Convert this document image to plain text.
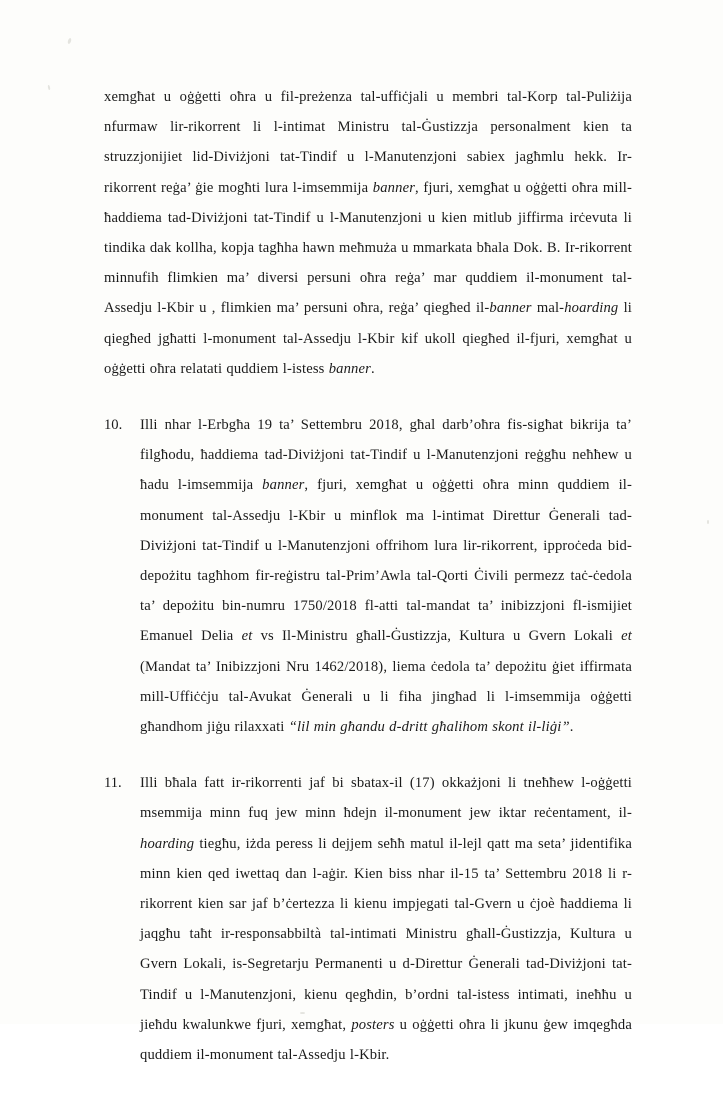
xemgħat u oġġetti oħra u fil-preżenza tal-uffiċjali u membri tal-Korp tal-Puliżija nfurmaw lir-rikorrent li l-intimat Ministru tal-Ġustizzja personalment kien ta struzzjonijiet lid-Diviżjoni tat-Tindif u l-Manutenzjoni sabiex jagħmlu hekk. Ir-rikorrent reġa’ ġie mogħti lura l-imsemmija banner, fjuri, xemgħat u oġġetti oħra mill-ħaddiema tad-Diviżjoni tat-Tindif u l-Manutenzjoni u kien mitlub jiffirma irċevuta li tindika dak kollha, kopja tagħha hawn meħmuża u mmarkata bħala Dok. B. Ir-rikorrent minnufih flimkien ma’ diversi persuni oħra reġa’ mar quddiem il-monument tal-Assedju l-Kbir u , flimkien ma’ persuni oħra, reġa’ qiegħed il-banner mal-hoarding li qiegħed jgħatti l-monument tal-Assedju l-Kbir kif ukoll qiegħed il-fjuri, xemgħat u oġġetti oħra relatati quddiem l-istess banner.

10.	Illi nhar l-Erbgħa 19 ta’ Settembru 2018, għal darb’oħra fis-sigħat bikrija ta’ filgħodu, ħaddiema tad-Diviżjoni tat-Tindif u l-Manutenzjoni reġgħu neħħew u ħadu l-imsemmija banner, fjuri, xemgħat u oġġetti oħra minn quddiem il-monument tal-Assedju l-Kbir u minflok ma l-intimat Direttur Ġenerali tad-Diviżjoni tat-Tindif u l-Manutenzjoni offrihom lura lir-rikorrent, ipproċeda bid-depożitu tagħhom fir-reġistru tal-Prim’Awla tal-Qorti Ċivili permezz taċ-ċedola ta’ depożitu bin-numru 1750/2018 fl-atti tal-mandat ta’ inibizzjoni fl-ismijiet Emanuel Delia et vs Il-Ministru għall-Ġustizzja, Kultura u Gvern Lokali et (Mandat ta’ Inibizzjoni Nru 1462/2018), liema ċedola ta’ depożitu ġiet iffirmata mill-Uffiċċju tal-Avukat Ġenerali u li fiha jingħad li l-imsemmija oġġetti għandhom jiġu rilaxxati “lil min għandu d-dritt għalihom skont il-liġi”.

11.	Illi bħala fatt ir-rikorrenti jaf bi sbatax-il (17) okkażjoni li tneħħew l-oġġetti msemmija minn fuq jew minn ħdejn il-monument jew iktar reċentament, il-hoarding tiegħu, iżda peress li dejjem seħħ matul il-lejl qatt ma seta’ jidentifika minn kien qed iwettaq dan l-aġir. Kien biss nhar il-15 ta’ Settembru 2018 li r-rikorrent kien sar jaf b’ċertezza li kienu impjegati tal-Gvern u ċjoè ħaddiema li jaqgħu taħt ir-responsabbiltà tal-intimati Ministru għall-Ġustizzja, Kultura u Gvern Lokali, is-Segretarju Permanenti u d-Direttur Ġenerali tad-Diviżjoni tat-Tindif u l-Manutenzjoni, kienu qegħdin, b’ordni tal-istess intimati, ineħħu u jieħdu kwalunkwe fjuri, xemgħat, posters u oġġetti oħra li jkunu ġew imqegħda quddiem il-monument tal-Assedju l-Kbir.
